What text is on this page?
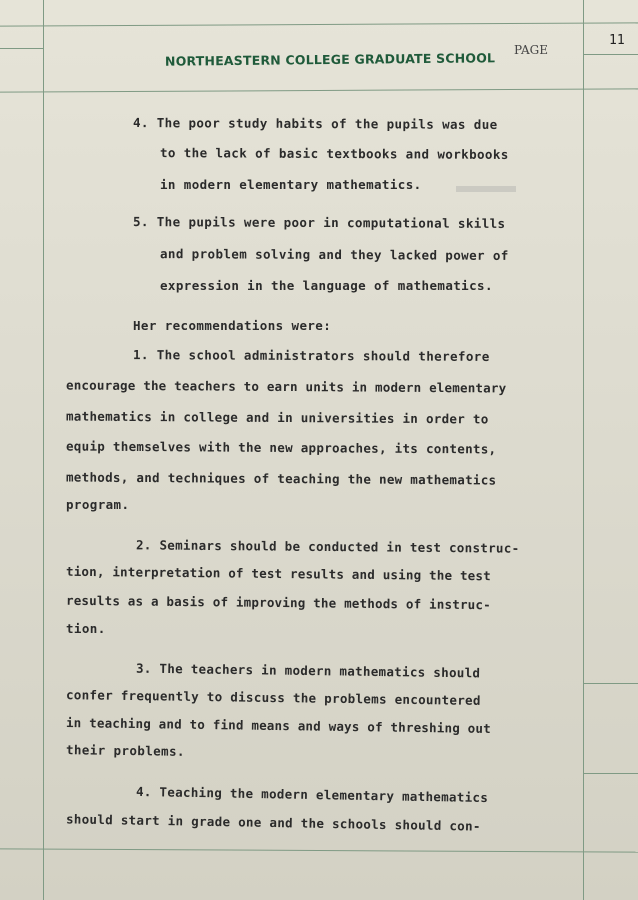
NORTHEASTERN COLLEGE GRADUATE SCHOOL
PAGE
11
4. The poor study habits of the pupils was due
to the lack of basic textbooks and workbooks
in modern elementary mathematics.
5. The pupils were poor in computational skills
and problem solving and they lacked power of
expression in the language of mathematics.
Her recommendations were:
1. The school administrators should therefore
encourage the teachers to earn units in modern elementary
mathematics in college and in universities in order to
equip themselves with the new approaches, its contents,
methods, and techniques of teaching the new mathematics
program.
2. Seminars should be conducted in test construc-
tion, interpretation of test results and using the test
results as a basis of improving the methods of instruc-
tion.
3. The teachers in modern mathematics should
confer frequently to discuss the problems encountered
in teaching and to find means and ways of threshing out
their problems.
4. Teaching the modern elementary mathematics
should start in grade one and the schools should con-
